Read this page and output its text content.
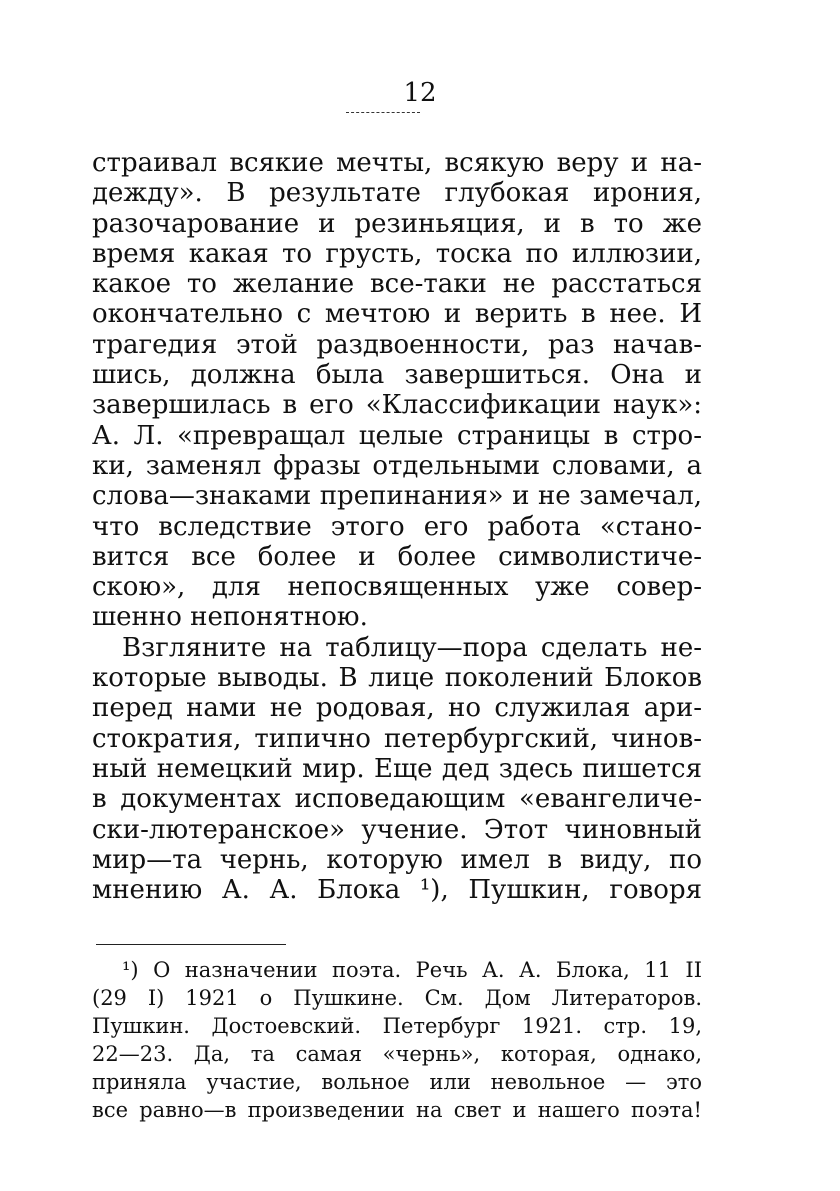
12
страивал всякие мечты, всякую веру и на-
дежду». В результате глубокая ирония,
разочарование и резиньяция, и в то же
время какая то грусть, тоска по иллюзии,
какое то желание все-таки не расстаться
окончательно с мечтою и верить в нее. И
трагедия этой раздвоенности, раз начав-
шись, должна была завершиться. Она и
завершилась в его «Классификации наук»:
А. Л. «превращал целые страницы в стро-
ки, заменял фразы отдельными словами, а
слова—знаками препинания» и не замечал,
что вследствие этого его работа «стано-
вится все более и более символистиче-
скою», для непосвященных уже совер-
шенно непонятною.
Взгляните на таблицу—пора сделать не-
которые выводы. В лице поколений Блоков
перед нами не родовая, но служилая ари-
стократия, типично петербургский, чинов-
ный немецкий мир. Еще дед здесь пишется
в документах исповедающим «евангеличе-
ски-лютеранское» учение. Этот чиновный
мир—та чернь, которую имел в виду, по
мнению А. А. Блока ¹), Пушкин, говоря
¹) О назначении поэта. Речь А. А. Блока, 11 II
(29 I) 1921 о Пушкине. См. Дом Литераторов.
Пушкин. Достоевский. Петербург 1921. стр. 19,
22—23. Да, та самая «чернь», которая, однако,
приняла участие, вольное или невольное — это
все равно—в произведении на свет и нашего поэта!
